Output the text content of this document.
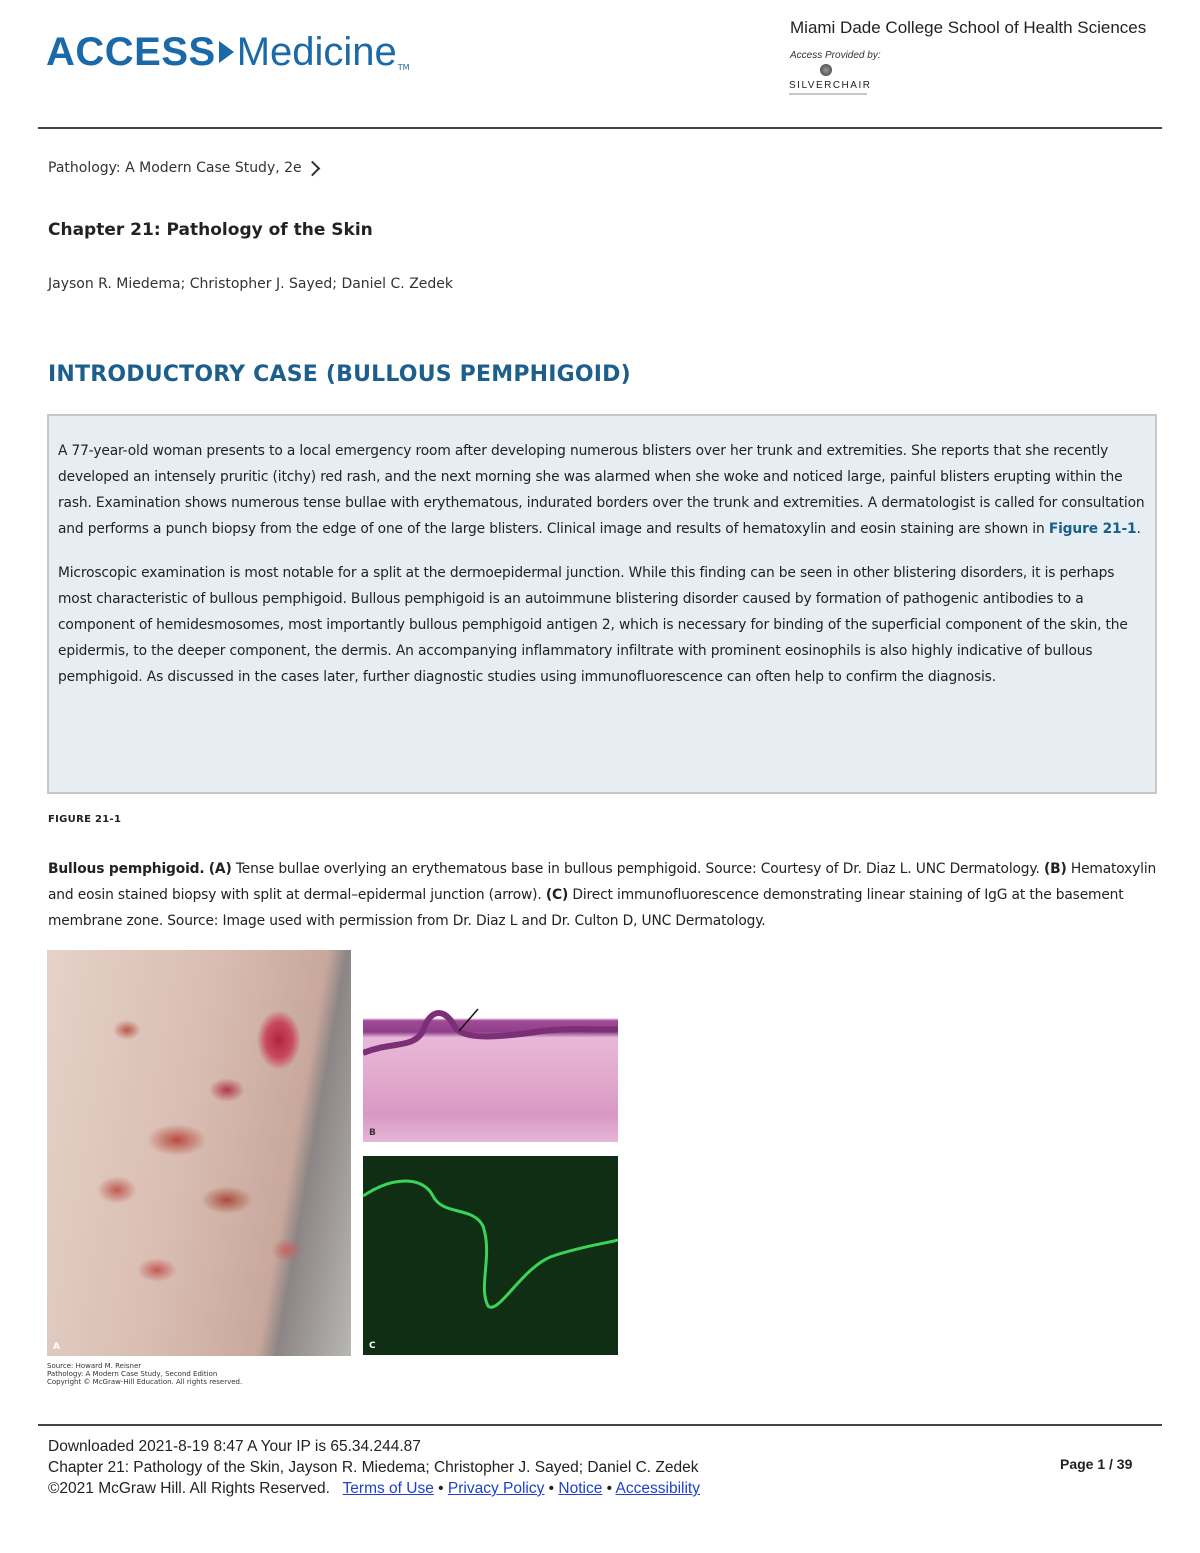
ACCESS Medicine TM
Miami Dade College School of Health Sciences
Access Provided by:
SILVERCHAIR
Pathology: A Modern Case Study, 2e
Chapter 21: Pathology of the Skin
Jayson R. Miedema; Christopher J. Sayed; Daniel C. Zedek
INTRODUCTORY CASE (BULLOUS PEMPHIGOID)

A 77-year-old woman presents to a local emergency room after developing numerous blisters over her trunk and extremities. She reports that she recently developed an intensely pruritic (itchy) red rash, and the next morning she was alarmed when she woke and noticed large, painful blisters erupting within the rash. Examination shows numerous tense bullae with erythematous, indurated borders over the trunk and extremities. A dermatologist is called for consultation and performs a punch biopsy from the edge of one of the large blisters. Clinical image and results of hematoxylin and eosin staining are shown in Figure 21-1.

Microscopic examination is most notable for a split at the dermoepidermal junction. While this finding can be seen in other blistering disorders, it is perhaps most characteristic of bullous pemphigoid. Bullous pemphigoid is an autoimmune blistering disorder caused by formation of pathogenic antibodies to a component of hemidesmosomes, most importantly bullous pemphigoid antigen 2, which is necessary for binding of the superficial component of the skin, the epidermis, to the deeper component, the dermis. An accompanying inflammatory infiltrate with prominent eosinophils is also highly indicative of bullous pemphigoid. As discussed in the cases later, further diagnostic studies using immunofluorescence can often help to confirm the diagnosis.

FIGURE 21-1
Bullous pemphigoid. (A) Tense bullae overlying an erythematous base in bullous pemphigoid. Source: Courtesy of Dr. Diaz L. UNC Dermatology. (B) Hematoxylin and eosin stained biopsy with split at dermal–epidermal junction (arrow). (C) Direct immunofluorescence demonstrating linear staining of IgG at the basement membrane zone. Source: Image used with permission from Dr. Diaz L and Dr. Culton D, UNC Dermatology.
A
B
C
Source: Howard M. Reisner
Pathology: A Modern Case Study, Second Edition
Copyright © McGraw-Hill Education. All rights reserved.
Downloaded 2021-8-19 8:47 A Your IP is 65.34.244.87
Chapter 21: Pathology of the Skin, Jayson R. Miedema; Christopher J. Sayed; Daniel C. Zedek
©2021 McGraw Hill. All Rights Reserved. Terms of Use • Privacy Policy • Notice • Accessibility
Page 1 / 39
